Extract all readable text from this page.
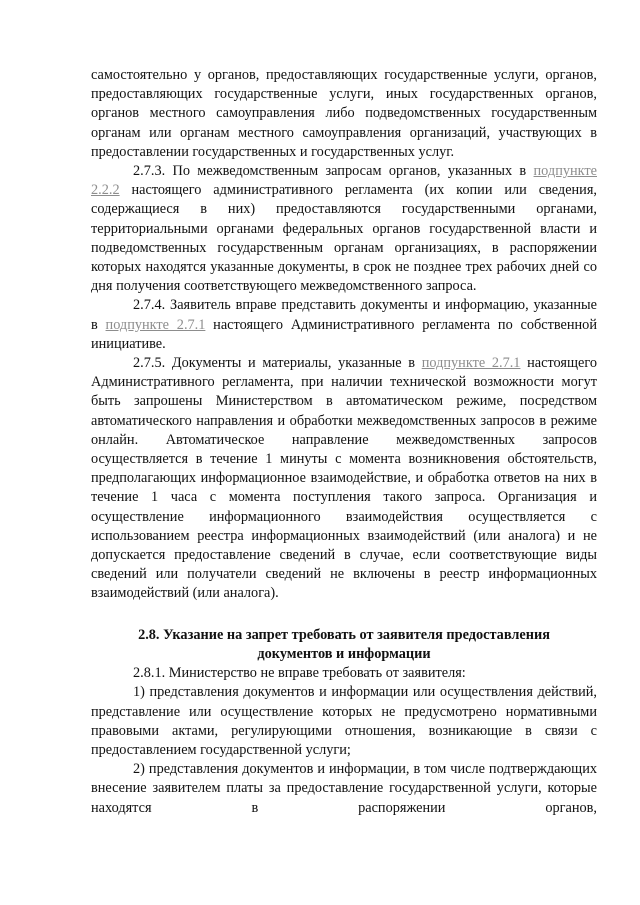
самостоятельно у органов, предоставляющих государственные услуги, органов, предоставляющих государственные услуги, иных государственных органов, органов местного самоуправления либо подведомственных государственным органам или органам местного самоуправления организаций, участвующих в предоставлении государственных и государственных услуг.

2.7.3. По межведомственным запросам органов, указанных в подпункте 2.2.2 настоящего административного регламента (их копии или сведения, содержащиеся в них) предоставляются государственными органами, территориальными органами федеральных органов государственной власти и подведомственных государственным органам организациях, в распоряжении которых находятся указанные документы, в срок не позднее трех рабочих дней со дня получения соответствующего межведомственного запроса.

2.7.4. Заявитель вправе представить документы и информацию, указанные в подпункте 2.7.1 настоящего Административного регламента по собственной инициативе.

2.7.5. Документы и материалы, указанные в подпункте 2.7.1 настоящего Административного регламента, при наличии технической возможности могут быть запрошены Министерством в автоматическом режиме, посредством автоматического направления и обработки межведомственных запросов в режиме онлайн. Автоматическое направление межведомственных запросов осуществляется в течение 1 минуты с момента возникновения обстоятельств, предполагающих информационное взаимодействие, и обработка ответов на них в течение 1 часа с момента поступления такого запроса. Организация и осуществление информационного взаимодействия осуществляется с использованием реестра информационных взаимодействий (или аналога) и не допускается предоставление сведений в случае, если соответствующие виды сведений или получатели сведений не включены в реестр информационных взаимодействий (или аналога).

2.8. Указание на запрет требовать от заявителя предоставления
документов и информации

2.8.1. Министерство не вправе требовать от заявителя:

1) представления документов и информации или осуществления действий, представление или осуществление которых не предусмотрено нормативными правовыми актами, регулирующими отношения, возникающие в связи с предоставлением государственной услуги;

2) представления документов и информации, в том числе подтверждающих внесение заявителем платы за предоставление государственной услуги, которые находятся в распоряжении органов,
